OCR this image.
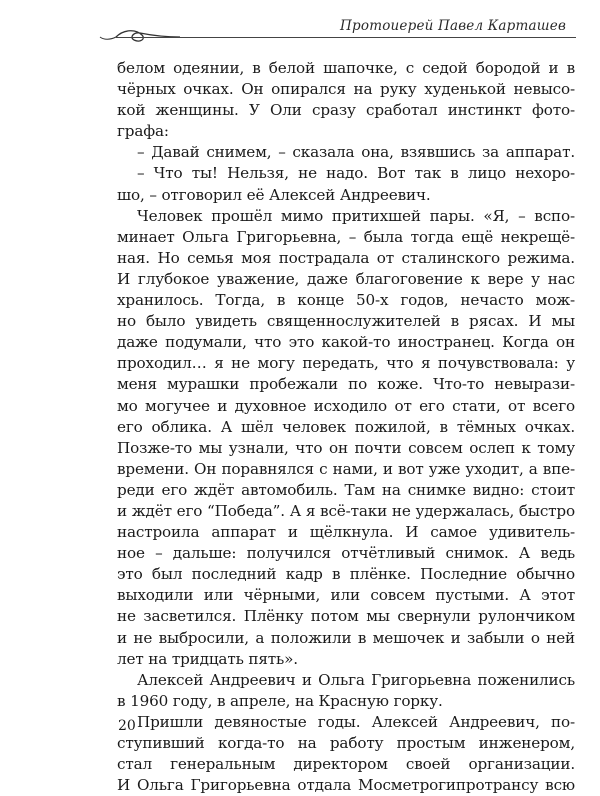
Протоиерей Павел Карташев
белом одеянии, в белой шапочке, с седой бородой и в
чёрных очках. Он опирался на руку худенькой невысо-
кой женщины. У Оли сразу сработал инстинкт фото-
графа:
– Давай снимем, – сказала она, взявшись за аппарат.
– Что ты! Нельзя, не надо. Вот так в лицо нехоро-
шо, – отговорил её Алексей Андреевич.
Человек прошёл мимо притихшей пары. «Я, – вспо-
минает Ольга Григорьевна, – была тогда ещё некрещё-
ная. Но семья моя пострадала от сталинского режима.
И глубокое уважение, даже благоговение к вере у нас
хранилось. Тогда, в конце 50-х годов, нечасто мож-
но было увидеть священнослужителей в рясах. И мы
даже подумали, что это какой-то иностранец. Когда он
проходил… я не могу передать, что я почувствовала: у
меня мурашки пробежали по коже. Что-то невырази-
мо могучее и духовное исходило от его стати, от всего
его облика. А шёл человек пожилой, в тёмных очках.
Позже-то мы узнали, что он почти совсем ослеп к тому
времени. Он поравнялся с нами, и вот уже уходит, а впе-
реди его ждёт автомобиль. Там на снимке видно: стоит
и ждёт его “Победа”. А я всё-таки не удержалась, быстро
настроила аппарат и щёлкнула. И самое удивитель-
ное – дальше: получился отчётливый снимок. А ведь
это был последний кадр в плёнке. Последние обычно
выходили или чёрными, или совсем пустыми. А этот
не засветился. Плёнку потом мы свернули рулончиком
и не выбросили, а положили в мешочек и забыли о ней
лет на тридцать пять».
Алексей Андреевич и Ольга Григорьевна поженились
в 1960 году, в апреле, на Красную горку.
Пришли девяностые годы. Алексей Андреевич, по-
ступивший когда-то на работу простым инженером,
стал генеральным директором своей организации.
И Ольга Григорьевна отдала Мосметрогипротрансу всю
20
